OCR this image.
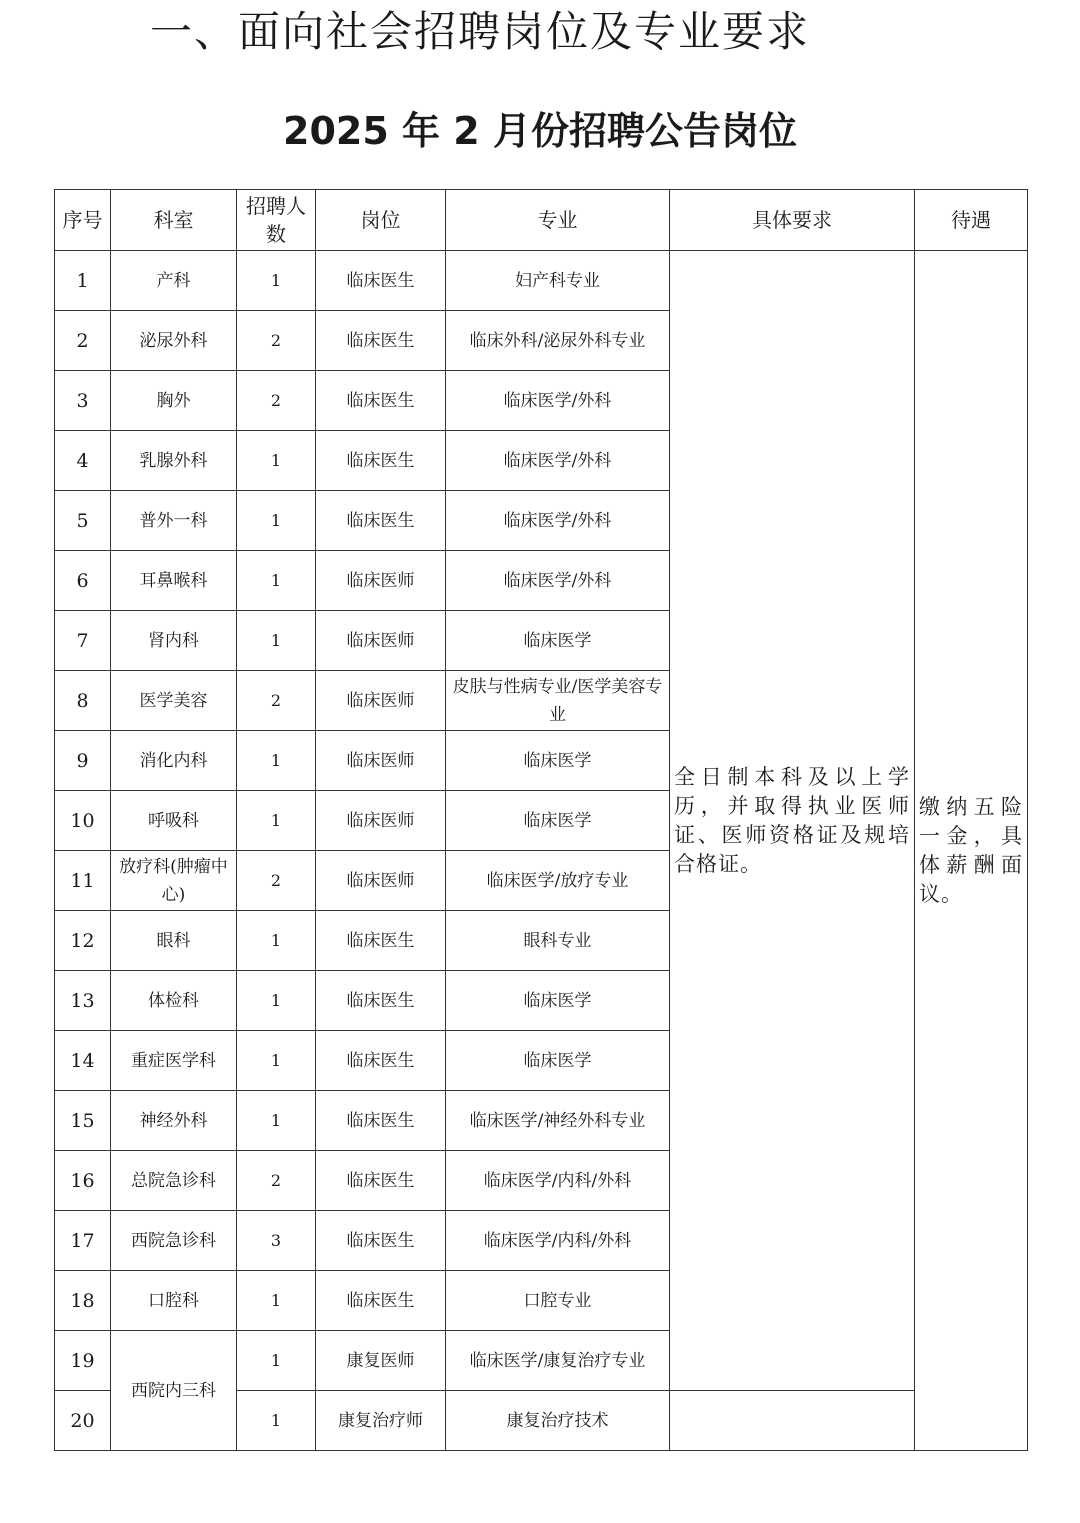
一、面向社会招聘岗位及专业要求
2025 年 2 月份招聘公告岗位
序号	科室	招聘人数	岗位	专业	具体要求	待遇
1	产科	1	临床医生	妇产科专业	全日制本科及以上学历，并取得执业医师证、医师资格证及规培合格证。	缴纳五险一金，具体薪酬面议。

2	泌尿外科	2	临床医生	临床外科/泌尿外科专业		
3	胸外	2	临床医生	临床医学/外科		
4	乳腺外科	1	临床医生	临床医学/外科		
5	普外一科	1	临床医生	临床医学/外科		
6	耳鼻喉科	1	临床医师	临床医学/外科		
7	肾内科	1	临床医师	临床医学		
8	医学美容	2	临床医师	皮肤与性病专业/医学美容专业		
9	消化内科	1	临床医师	临床医学		
10	呼吸科	1	临床医师	临床医学		
11	放疗科(肿瘤中心)	2	临床医师	临床医学/放疗专业		
12	眼科	1	临床医生	眼科专业		
13	体检科	1	临床医生	临床医学		
14	重症医学科	1	临床医生	临床医学		
15	神经外科	1	临床医生	临床医学/神经外科专业		
16	总院急诊科	2	临床医生	临床医学/内科/外科		
17	西院急诊科	3	临床医生	临床医学/内科/外科		
18	口腔科	1	临床医生	口腔专业		
19	西院内三科	1	康复医师	临床医学/康复治疗专业		
20		1	康复治疗师	康复治疗技术		
